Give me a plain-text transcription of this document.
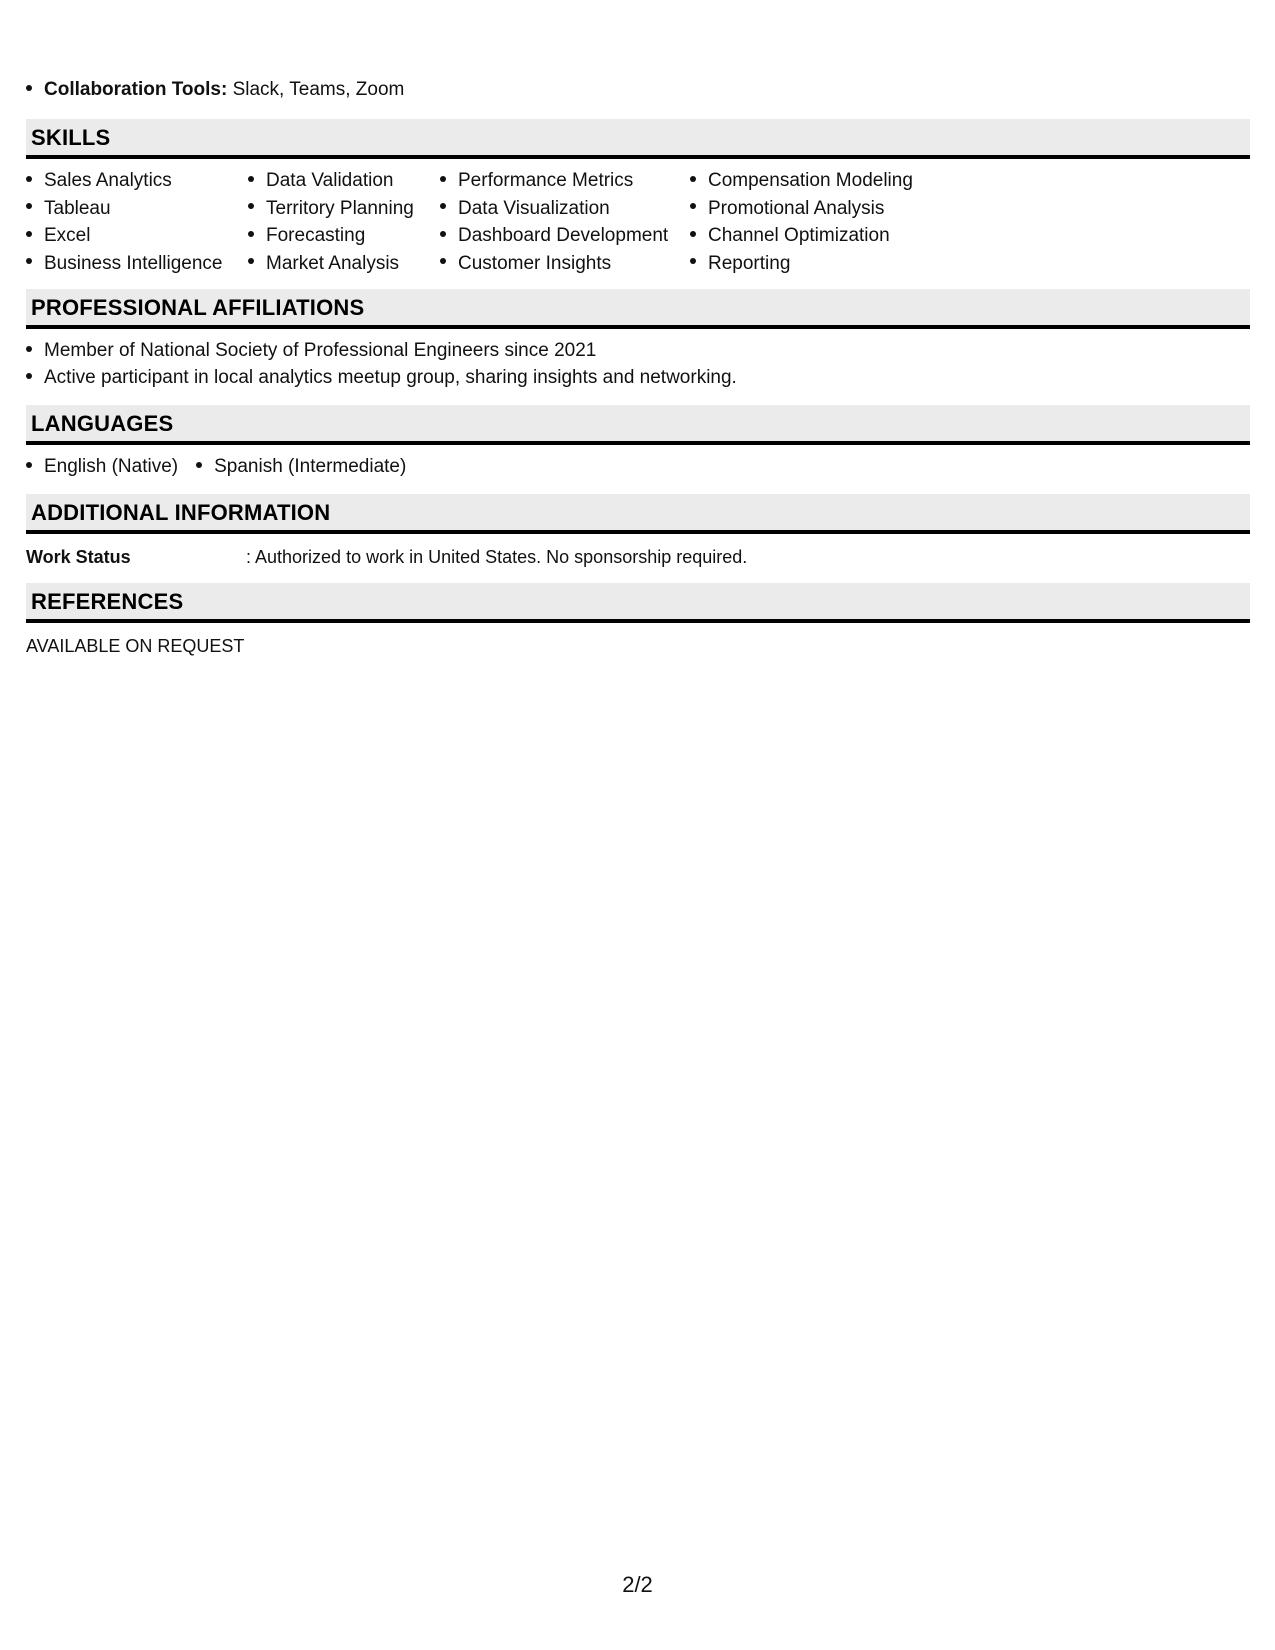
Collaboration Tools: Slack, Teams, Zoom
SKILLS
Sales Analytics
Tableau
Excel
Business Intelligence
Data Validation
Territory Planning
Forecasting
Market Analysis
Performance Metrics
Data Visualization
Dashboard Development
Customer Insights
Compensation Modeling
Promotional Analysis
Channel Optimization
Reporting
PROFESSIONAL AFFILIATIONS
Member of National Society of Professional Engineers since 2021
Active participant in local analytics meetup group, sharing insights and networking.
LANGUAGES
English (Native) Spanish (Intermediate)
ADDITIONAL INFORMATION
Work Status	: Authorized to work in United States. No sponsorship required.
REFERENCES
AVAILABLE ON REQUEST
2/2
